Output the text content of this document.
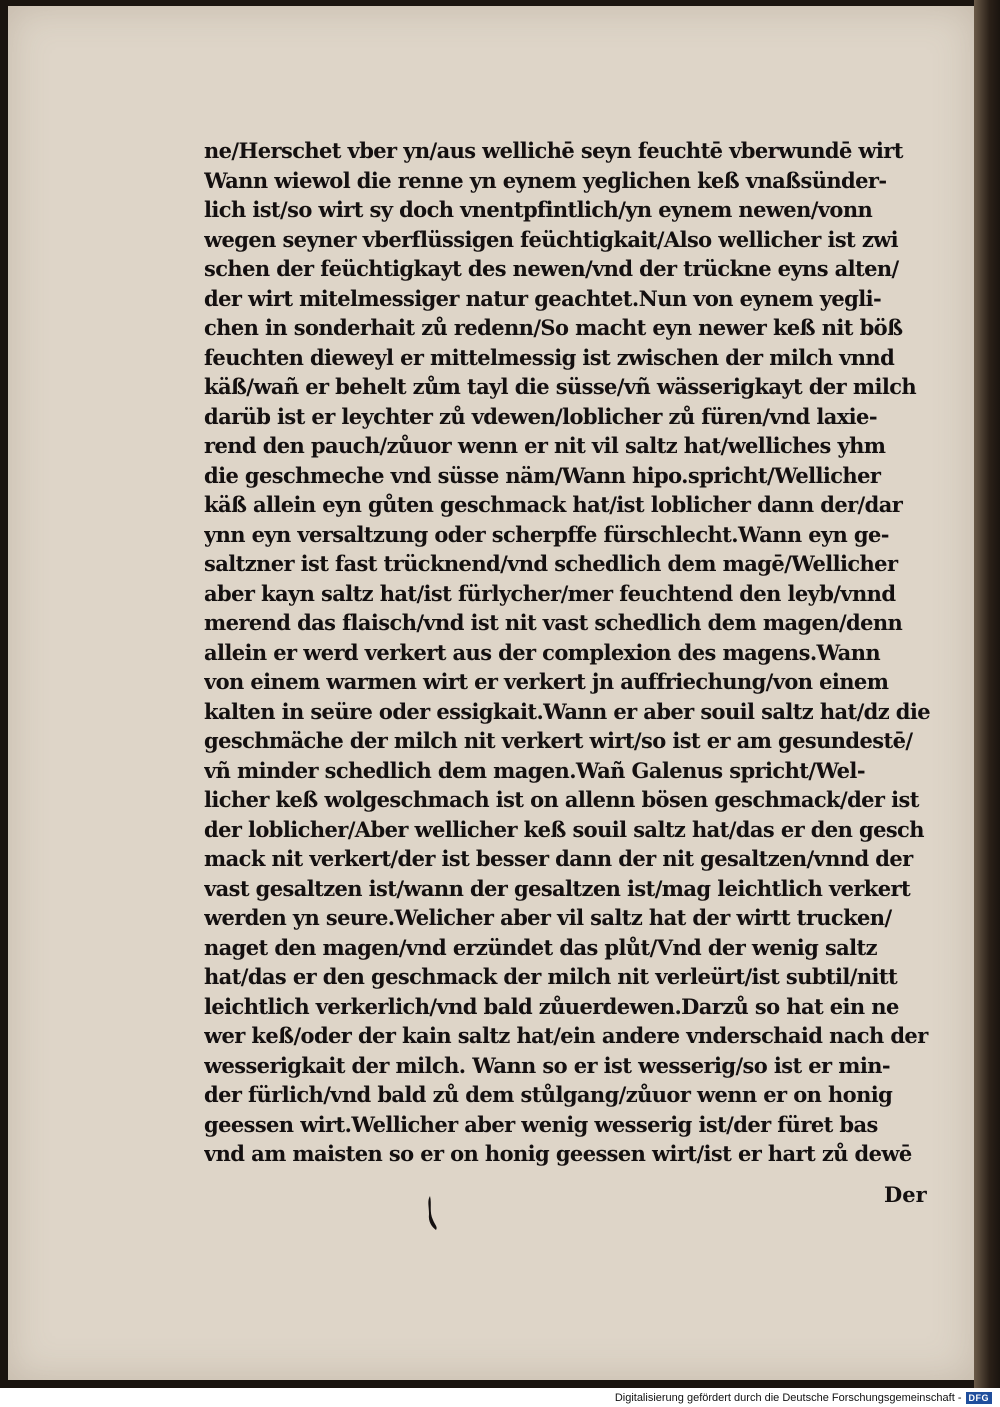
ne/Herschet vber yn/aus wellichē seyn feuchtē vberwundē wirt
Wann wiewol die renne yn eynem yeglichen keß vnaßsünder-
lich ist/so wirt sy doch vnentpfintlich/yn eynem newen/vonn
wegen seyner vberflüssigen feüchtigkait/Also wellicher ist zwi
schen der feüchtigkayt des newen/vnd der trückne eyns alten/
der wirt mitelmessiger natur geachtet.Nun von eynem yegli-
chen in sonderhait zů redenn/So macht eyn newer keß nit böß
feuchten dieweyl er mittelmessig ist zwischen der milch vnnd
käß/wañ er behelt zům tayl die süsse/vñ wässerigkayt der milch
darüb ist er leychter zů vdewen/loblicher zů füren/vnd laxie-
rend den pauch/zůuor wenn er nit vil saltz hat/welliches yhm
die geschmeche vnd süsse näm/Wann hipo.spricht/Wellicher
käß allein eyn gůten geschmack hat/ist loblicher dann der/dar
ynn eyn versaltzung oder scherpffe fürschlecht.Wann eyn ge-
saltzner ist fast trücknend/vnd schedlich dem magē/Wellicher
aber kayn saltz hat/ist fürlycher/mer feuchtend den leyb/vnnd
merend das flaisch/vnd ist nit vast schedlich dem magen/denn
allein er werd verkert aus der complexion des magens.Wann
von einem warmen wirt er verkert jn auffriechung/von einem
kalten in seüre oder essigkait.Wann er aber souil saltz hat/dz die
geschmäche der milch nit verkert wirt/so ist er am gesundestē/
vñ minder schedlich dem magen.Wañ Galenus spricht/Wel-
licher keß wolgeschmach ist on allenn bösen geschmack/der ist
der loblicher/Aber wellicher keß souil saltz hat/das er den gesch
mack nit verkert/der ist besser dann der nit gesaltzen/vnnd der
vast gesaltzen ist/wann der gesaltzen ist/mag leichtlich verkert
werden yn seure.Welicher aber vil saltz hat der wirtt trucken/
naget den magen/vnd erzündet das plůt/Vnd der wenig saltz
hat/das er den geschmack der milch nit verleürt/ist subtil/nitt
leichtlich verkerlich/vnd bald zůuerdewen.Darzů so hat ein ne
wer keß/oder der kain saltz hat/ein andere vnderschaid nach der
wesserigkait der milch. Wann so er ist wesserig/so ist er min-
der fürlich/vnd bald zů dem stůlgang/zůuor wenn er on honig
geessen wirt.Wellicher aber wenig wesserig ist/der füret bas
vnd am maisten so er on honig geessen wirt/ist er hart zů dewē
Der
Digitalisierung gefördert durch die Deutsche Forschungsgemeinschaft - DFG
